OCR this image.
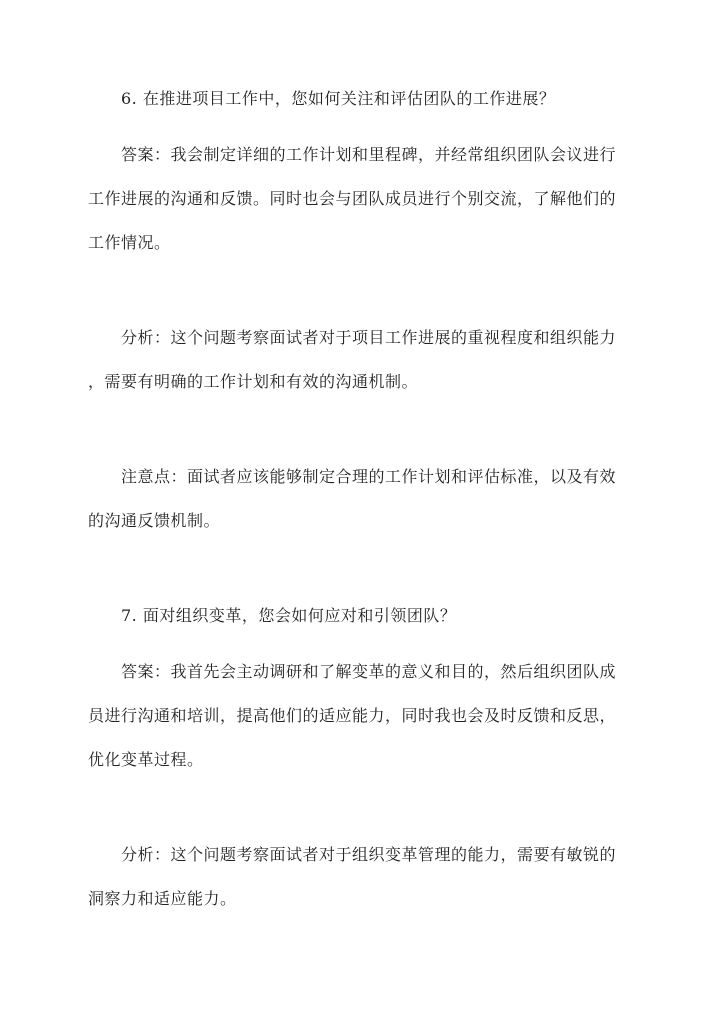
6. 在推进项目工作中，您如何关注和评估团队的工作进展？
答案：我会制定详细的工作计划和里程碑，并经常组织团队会议进行
工作进展的沟通和反馈。同时也会与团队成员进行个别交流，了解他们的
工作情况。
分析：这个问题考察面试者对于项目工作进展的重视程度和组织能力
，需要有明确的工作计划和有效的沟通机制。
注意点：面试者应该能够制定合理的工作计划和评估标准，以及有效
的沟通反馈机制。
7. 面对组织变革，您会如何应对和引领团队？
答案：我首先会主动调研和了解变革的意义和目的，然后组织团队成
员进行沟通和培训，提高他们的适应能力，同时我也会及时反馈和反思，
优化变革过程。
分析：这个问题考察面试者对于组织变革管理的能力，需要有敏锐的
洞察力和适应能力。
